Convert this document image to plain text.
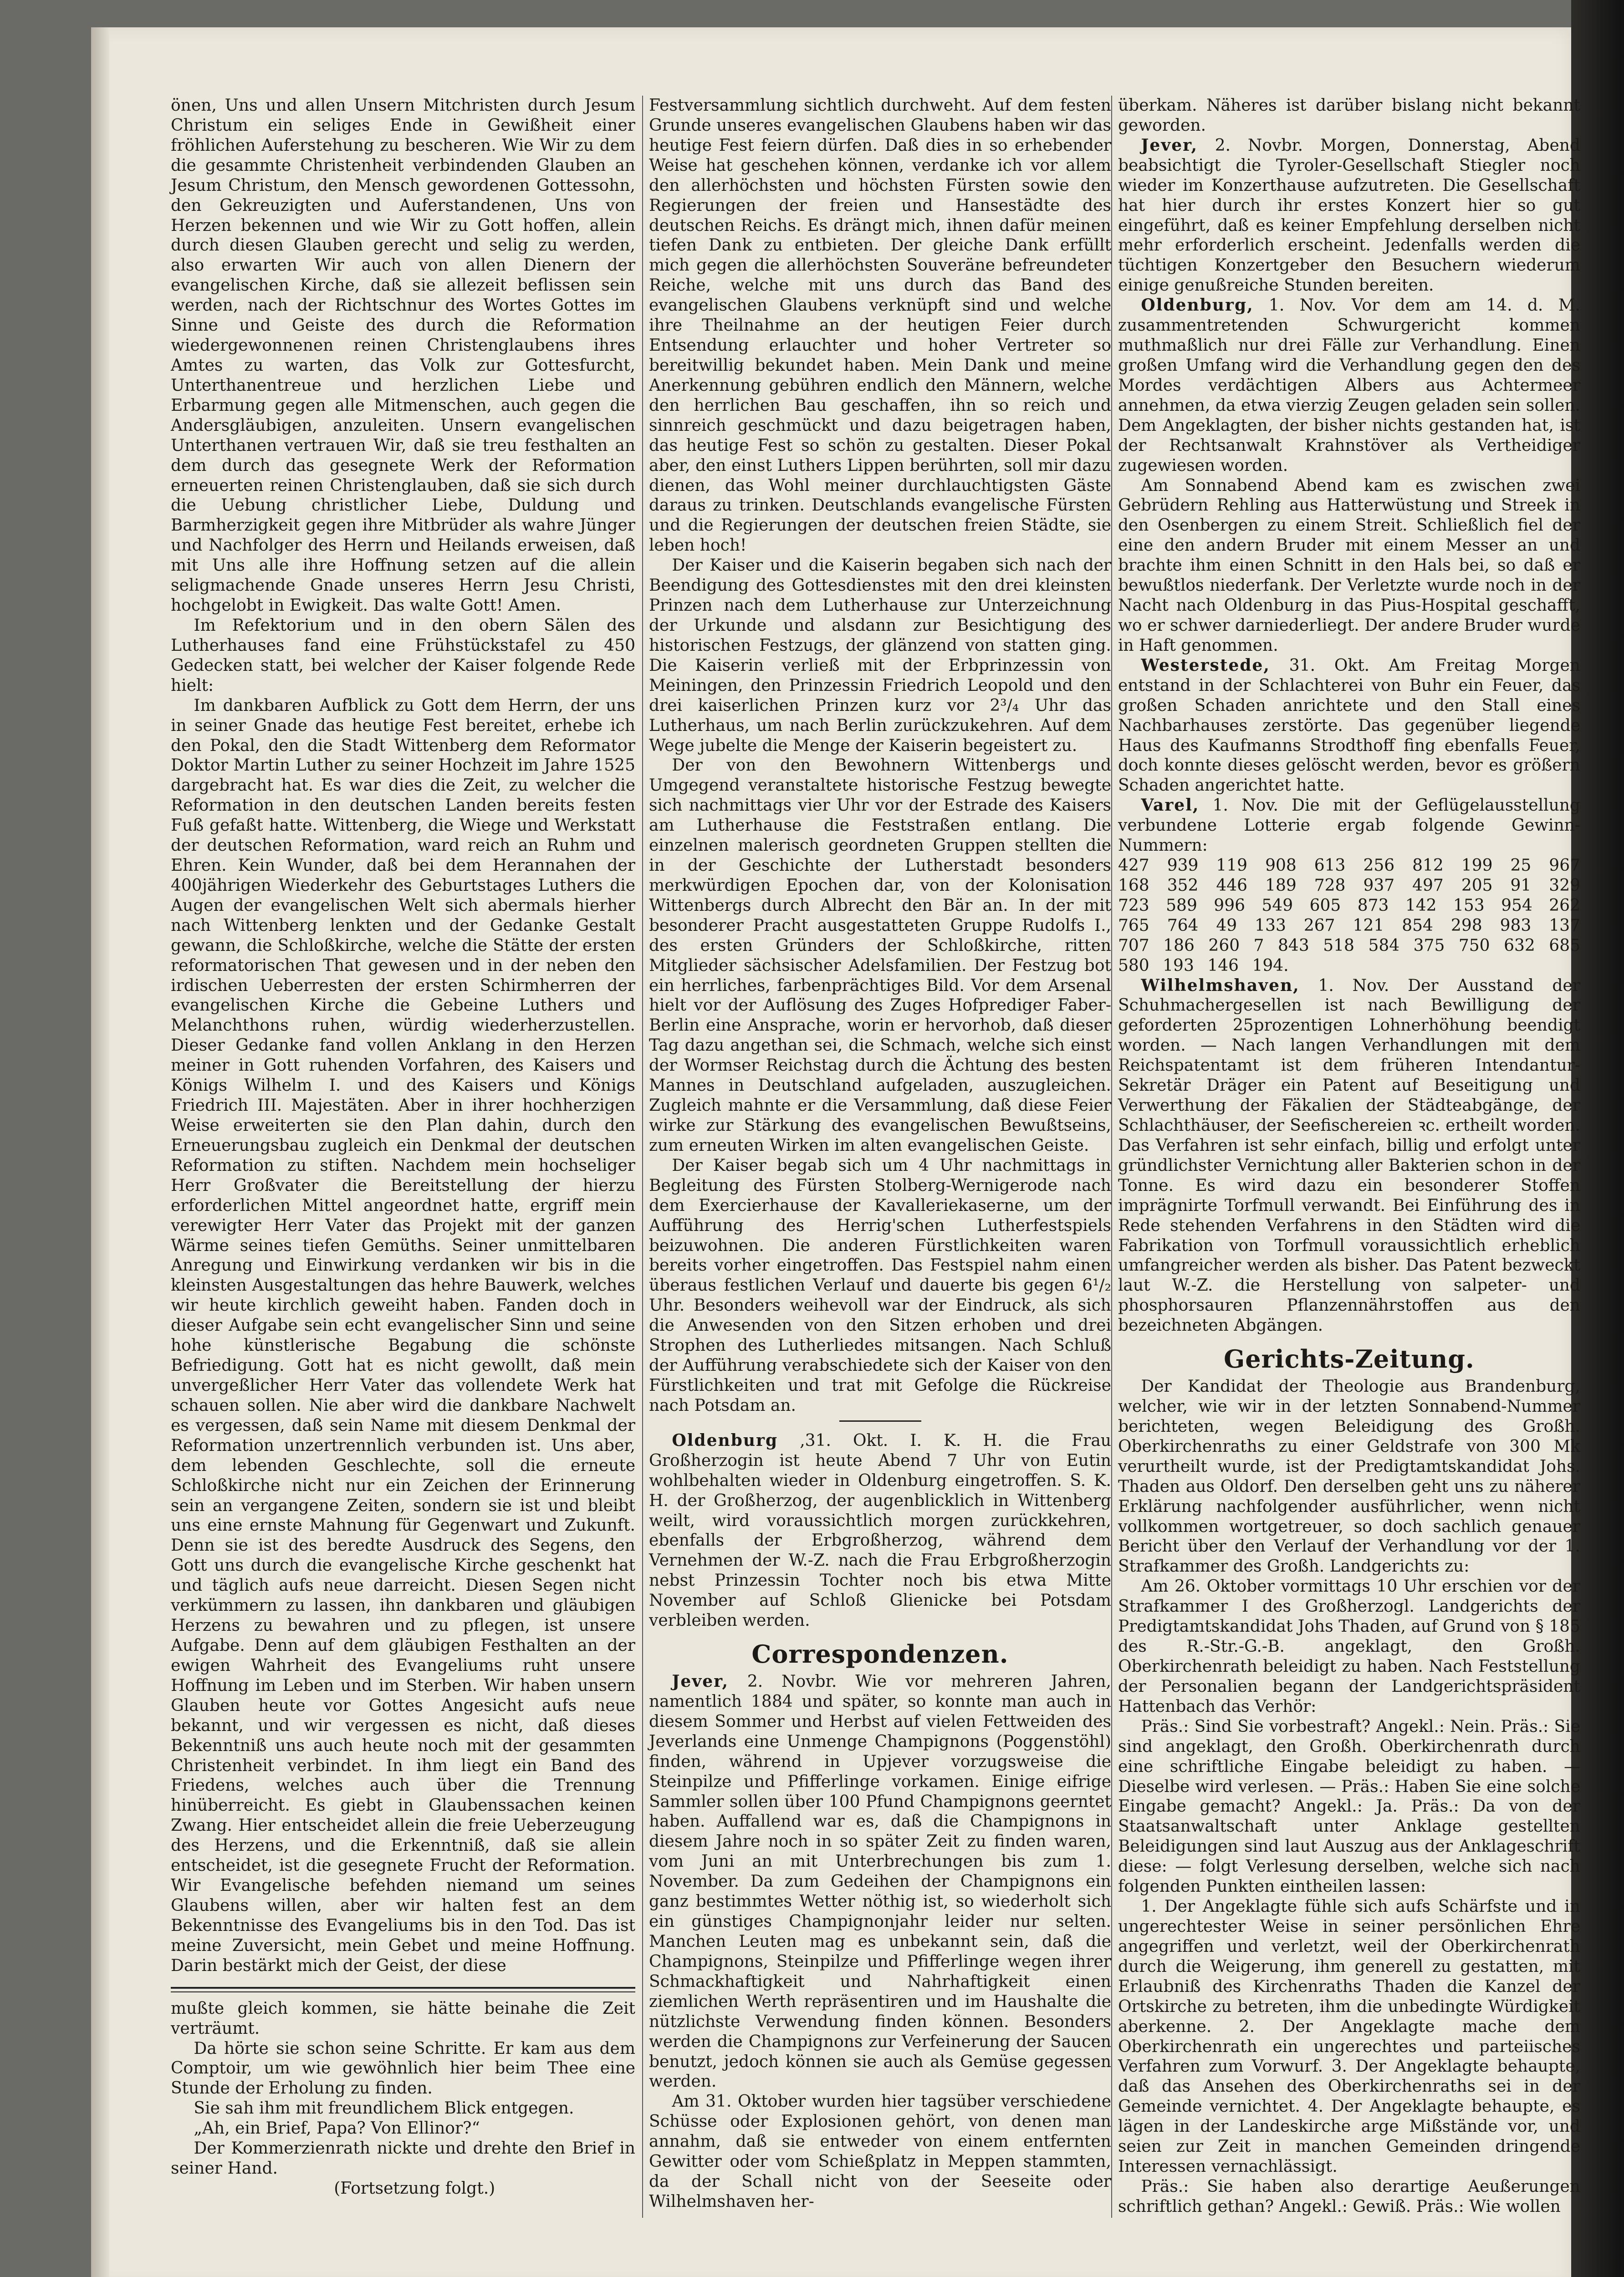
önen, Uns und allen Unsern Mitchristen durch Jesum Christum ein seliges Ende in Gewißheit einer fröhlichen Auferstehung zu bescheren. Wie Wir zu dem die gesammte Christenheit verbindenden Glauben an Jesum Christum, den Mensch gewordenen Gottessohn, den Gekreuzigten und Auferstandenen, Uns von Herzen bekennen und wie Wir zu Gott hoffen, allein durch diesen Glauben gerecht und selig zu werden, also erwarten Wir auch von allen Dienern der evangelischen Kirche, daß sie allezeit beflissen sein werden, nach der Richtschnur des Wortes Gottes im Sinne und Geiste des durch die Reformation wiedergewonnenen reinen Christenglaubens ihres Amtes zu warten, das Volk zur Gottesfurcht, Unterthanentreue und herzlichen Liebe und Erbarmung gegen alle Mitmenschen, auch gegen die Andersgläubigen, anzuleiten. Unsern evangelischen Unterthanen vertrauen Wir, daß sie treu festhalten an dem durch das gesegnete Werk der Reformation erneuerten reinen Christenglauben, daß sie sich durch die Uebung christlicher Liebe, Duldung und Barmherzigkeit gegen ihre Mitbrüder als wahre Jünger und Nachfolger des Herrn und Heilands erweisen, daß mit Uns alle ihre Hoffnung setzen auf die allein seligmachende Gnade unseres Herrn Jesu Christi, hochgelobt in Ewigkeit. Das walte Gott! Amen.

Im Refektorium und in den obern Sälen des Lutherhauses fand eine Frühstückstafel zu 450 Gedecken statt, bei welcher der Kaiser folgende Rede hielt:

Im dankbaren Aufblick zu Gott dem Herrn, der uns in seiner Gnade das heutige Fest bereitet, erhebe ich den Pokal, den die Stadt Wittenberg dem Reformator Doktor Martin Luther zu seiner Hochzeit im Jahre 1525 dargebracht hat. Es war dies die Zeit, zu welcher die Reformation in den deutschen Landen bereits festen Fuß gefaßt hatte. Wittenberg, die Wiege und Werkstatt der deutschen Reformation, ward reich an Ruhm und Ehren. Kein Wunder, daß bei dem Herannahen der 400jährigen Wiederkehr des Geburtstages Luthers die Augen der evangelischen Welt sich abermals hierher nach Wittenberg lenkten und der Gedanke Gestalt gewann, die Schloßkirche, welche die Stätte der ersten reformatorischen That gewesen und in der neben den irdischen Ueberresten der ersten Schirmherren der evangelischen Kirche die Gebeine Luthers und Melanchthons ruhen, würdig wiederherzustellen. Dieser Gedanke fand vollen Anklang in den Herzen meiner in Gott ruhenden Vorfahren, des Kaisers und Königs Wilhelm I. und des Kaisers und Königs Friedrich III. Majestäten. Aber in ihrer hochherzigen Weise erweiterten sie den Plan dahin, durch den Erneuerungsbau zugleich ein Denkmal der deutschen Reformation zu stiften. Nachdem mein hochseliger Herr Großvater die Bereitstellung der hierzu erforderlichen Mittel angeordnet hatte, ergriff mein verewigter Herr Vater das Projekt mit der ganzen Wärme seines tiefen Gemüths. Seiner unmittelbaren Anregung und Einwirkung verdanken wir bis in die kleinsten Ausgestaltungen das hehre Bauwerk, welches wir heute kirchlich geweiht haben. Fanden doch in dieser Aufgabe sein echt evangelischer Sinn und seine hohe künstlerische Begabung die schönste Befriedigung. Gott hat es nicht gewollt, daß mein unvergeßlicher Herr Vater das vollendete Werk hat schauen sollen. Nie aber wird die dankbare Nachwelt es vergessen, daß sein Name mit diesem Denkmal der Reformation unzertrennlich verbunden ist. Uns aber, dem lebenden Geschlechte, soll die erneute Schloßkirche nicht nur ein Zeichen der Erinnerung sein an vergangene Zeiten, sondern sie ist und bleibt uns eine ernste Mahnung für Gegenwart und Zukunft. Denn sie ist des beredte Ausdruck des Segens, den Gott uns durch die evangelische Kirche geschenkt hat und täglich aufs neue darreicht. Diesen Segen nicht verkümmern zu lassen, ihn dankbaren und gläubigen Herzens zu bewahren und zu pflegen, ist unsere Aufgabe. Denn auf dem gläubigen Festhalten an der ewigen Wahrheit des Evangeliums ruht unsere Hoffnung im Leben und im Sterben. Wir haben unsern Glauben heute vor Gottes Angesicht aufs neue bekannt, und wir vergessen es nicht, daß dieses Bekenntniß uns auch heute noch mit der gesammten Christenheit verbindet. In ihm liegt ein Band des Friedens, welches auch über die Trennung hinüberreicht. Es giebt in Glaubenssachen keinen Zwang. Hier entscheidet allein die freie Ueberzeugung des Herzens, und die Erkenntniß, daß sie allein entscheidet, ist die gesegnete Frucht der Reformation. Wir Evangelische befehden niemand um seines Glaubens willen, aber wir halten fest an dem Bekenntnisse des Evangeliums bis in den Tod. Das ist meine Zuversicht, mein Gebet und meine Hoffnung. Darin bestärkt mich der Geist, der diese

mußte gleich kommen, sie hätte beinahe die Zeit verträumt.

Da hörte sie schon seine Schritte. Er kam aus dem Comptoir, um wie gewöhnlich hier beim Thee eine Stunde der Erholung zu finden.

Sie sah ihm mit freundlichem Blick entgegen.

„Ah, ein Brief, Papa? Von Ellinor?“

Der Kommerzienrath nickte und drehte den Brief in seiner Hand.

(Fortsetzung folgt.)

Festversammlung sichtlich durchweht. Auf dem festen Grunde unseres evangelischen Glaubens haben wir das heutige Fest feiern dürfen. Daß dies in so erhebender Weise hat geschehen können, verdanke ich vor allem den allerhöchsten und höchsten Fürsten sowie den Regierungen der freien und Hansestädte des deutschen Reichs. Es drängt mich, ihnen dafür meinen tiefen Dank zu entbieten. Der gleiche Dank erfüllt mich gegen die allerhöchsten Souveräne befreundeter Reiche, welche mit uns durch das Band des evangelischen Glaubens verknüpft sind und welche ihre Theilnahme an der heutigen Feier durch Entsendung erlauchter und hoher Vertreter so bereitwillig bekundet haben. Mein Dank und meine Anerkennung gebühren endlich den Männern, welche den herrlichen Bau geschaffen, ihn so reich und sinnreich geschmückt und dazu beigetragen haben, das heutige Fest so schön zu gestalten. Dieser Pokal aber, den einst Luthers Lippen berührten, soll mir dazu dienen, das Wohl meiner durchlauchtigsten Gäste daraus zu trinken. Deutschlands evangelische Fürsten und die Regierungen der deutschen freien Städte, sie leben hoch!

Der Kaiser und die Kaiserin begaben sich nach der Beendigung des Gottesdienstes mit den drei kleinsten Prinzen nach dem Lutherhause zur Unterzeichnung der Urkunde und alsdann zur Besichtigung des historischen Festzugs, der glänzend von statten ging. Die Kaiserin verließ mit der Erbprinzessin von Meiningen, den Prinzessin Friedrich Leopold und den drei kaiserlichen Prinzen kurz vor 2³/₄ Uhr das Lutherhaus, um nach Berlin zurückzukehren. Auf dem Wege jubelte die Menge der Kaiserin begeistert zu.

Der von den Bewohnern Wittenbergs und Umgegend veranstaltete historische Festzug bewegte sich nachmittags vier Uhr vor der Estrade des Kaisers am Lutherhause die Feststraßen entlang. Die einzelnen malerisch geordneten Gruppen stellten die in der Geschichte der Lutherstadt besonders merkwürdigen Epochen dar, von der Kolonisation Wittenbergs durch Albrecht den Bär an. In der mit besonderer Pracht ausgestatteten Gruppe Rudolfs I., des ersten Gründers der Schloßkirche, ritten Mitglieder sächsischer Adelsfamilien. Der Festzug bot ein herrliches, farbenprächtiges Bild. Vor dem Arsenal hielt vor der Auflösung des Zuges Hofprediger Faber-Berlin eine Ansprache, worin er hervorhob, daß dieser Tag dazu angethan sei, die Schmach, welche sich einst der Wormser Reichstag durch die Ächtung des besten Mannes in Deutschland aufgeladen, auszugleichen. Zugleich mahnte er die Versammlung, daß diese Feier wirke zur Stärkung des evangelischen Bewußtseins, zum erneuten Wirken im alten evangelischen Geiste.

Der Kaiser begab sich um 4 Uhr nachmittags in Begleitung des Fürsten Stolberg-Wernigerode nach dem Exercierhause der Kavalleriekaserne, um der Aufführung des Herrig'schen Lutherfestspiels beizuwohnen. Die anderen Fürstlichkeiten waren bereits vorher eingetroffen. Das Festspiel nahm einen überaus festlichen Verlauf und dauerte bis gegen 6¹/₂ Uhr. Besonders weihevoll war der Eindruck, als sich die Anwesenden von den Sitzen erhoben und drei Strophen des Lutherliedes mitsangen. Nach Schluß der Aufführung verabschiedete sich der Kaiser von den Fürstlichkeiten und trat mit Gefolge die Rückreise nach Potsdam an.

Oldenburg ,31. Okt. I. K. H. die Frau Großherzogin ist heute Abend 7 Uhr von Eutin wohlbehalten wieder in Oldenburg eingetroffen. S. K. H. der Großherzog, der augenblicklich in Wittenberg weilt, wird voraussichtlich morgen zurückkehren, ebenfalls der Erbgroßherzog, während dem Vernehmen der W.-Z. nach die Frau Erbgroßherzogin nebst Prinzessin Tochter noch bis etwa Mitte November auf Schloß Glienicke bei Potsdam verbleiben werden.

Correspondenzen.

Jever, 2. Novbr. Wie vor mehreren Jahren, namentlich 1884 und später, so konnte man auch in diesem Sommer und Herbst auf vielen Fettweiden des Jeverlands eine Unmenge Champignons (Poggenstöhl) finden, während in Upjever vorzugsweise die Steinpilze und Pfifferlinge vorkamen. Einige eifrige Sammler sollen über 100 Pfund Champignons geerntet haben. Auffallend war es, daß die Champignons in diesem Jahre noch in so später Zeit zu finden waren, vom Juni an mit Unterbrechungen bis zum 1. November. Da zum Gedeihen der Champignons ein ganz bestimmtes Wetter nöthig ist, so wiederholt sich ein günstiges Champignonjahr leider nur selten. Manchen Leuten mag es unbekannt sein, daß die Champignons, Steinpilze und Pfifferlinge wegen ihrer Schmackhaftigkeit und Nahrhaftigkeit einen ziemlichen Werth repräsentiren und im Haushalte die nützlichste Verwendung finden können. Besonders werden die Champignons zur Verfeinerung der Saucen benutzt, jedoch können sie auch als Gemüse gegessen werden.

Am 31. Oktober wurden hier tagsüber verschiedene Schüsse oder Explosionen gehört, von denen man annahm, daß sie entweder von einem entfernten Gewitter oder vom Schießplatz in Meppen stammten, da der Schall nicht von der Seeseite oder Wilhelmshaven her-

überkam. Näheres ist darüber bislang nicht bekannt geworden.

Jever, 2. Novbr. Morgen, Donnerstag, Abend beabsichtigt die Tyroler-Gesellschaft Stiegler noch wieder im Konzerthause aufzutreten. Die Gesellschaft hat hier durch ihr erstes Konzert hier so gut eingeführt, daß es keiner Empfehlung derselben nicht mehr erforderlich erscheint. Jedenfalls werden die tüchtigen Konzertgeber den Besuchern wiederum einige genußreiche Stunden bereiten.

Oldenburg, 1. Nov. Vor dem am 14. d. M. zusammentretenden Schwurgericht kommen muthmaßlich nur drei Fälle zur Verhandlung. Einen großen Umfang wird die Verhandlung gegen den des Mordes verdächtigen Albers aus Achtermeer annehmen, da etwa vierzig Zeugen geladen sein sollen. Dem Angeklagten, der bisher nichts gestanden hat, ist der Rechtsanwalt Krahnstöver als Vertheidiger zugewiesen worden.

Am Sonnabend Abend kam es zwischen zwei Gebrüdern Rehling aus Hatterwüstung und Streek in den Osenbergen zu einem Streit. Schließlich fiel der eine den andern Bruder mit einem Messer an und brachte ihm einen Schnitt in den Hals bei, so daß er bewußtlos niederfank. Der Verletzte wurde noch in der Nacht nach Oldenburg in das Pius-Hospital geschafft, wo er schwer darniederliegt. Der andere Bruder wurde in Haft genommen.

Westerstede, 31. Okt. Am Freitag Morgen entstand in der Schlachterei von Buhr ein Feuer, das großen Schaden anrichtete und den Stall eines Nachbarhauses zerstörte. Das gegenüber liegende Haus des Kaufmanns Strodthoff fing ebenfalls Feuer, doch konnte dieses gelöscht werden, bevor es größern Schaden angerichtet hatte.

Varel, 1. Nov. Die mit der Geflügelausstellung verbundene Lotterie ergab folgende Gewinn-Nummern:

427 939 119 908 613 256 812 199 25 967 168 352 446 189 728 937 497 205 91 329 723 589 996 549 605 873 142 153 954 262 765 764 49 133 267 121 854 298 983 137 707 186 260 7 843 518 584 375 750 632 685 580 193 146 194.

Wilhelmshaven, 1. Nov. Der Ausstand der Schuhmachergesellen ist nach Bewilligung der geforderten 25prozentigen Lohnerhöhung beendigt worden. — Nach langen Verhandlungen mit dem Reichspatentamt ist dem früheren Intendantur-Sekretär Dräger ein Patent auf Beseitigung und Verwerthung der Fäkalien der Städteabgänge, der Schlachthäuser, der Seefischereien ꝛc. ertheilt worden. Das Verfahren ist sehr einfach, billig und erfolgt unter gründlichster Vernichtung aller Bakterien schon in der Tonne. Es wird dazu ein besonderer Stoffen imprägnirte Torfmull verwandt. Bei Einführung des in Rede stehenden Verfahrens in den Städten wird die Fabrikation von Torfmull voraussichtlich erheblich umfangreicher werden als bisher. Das Patent bezweckt laut W.-Z. die Herstellung von salpeter- und phosphorsauren Pflanzennährstoffen aus den bezeichneten Abgängen.

Gerichts-Zeitung.

Der Kandidat der Theologie aus Brandenburg, welcher, wie wir in der letzten Sonnabend-Nummer berichteten, wegen Beleidigung des Großh. Oberkirchenraths zu einer Geldstrafe von 300 Mk verurtheilt wurde, ist der Predigtamtskandidat Johs. Thaden aus Oldorf. Den derselben geht uns zu näherer Erklärung nachfolgender ausführlicher, wenn nicht vollkommen wortgetreuer, so doch sachlich genauer Bericht über den Verlauf der Verhandlung vor der 1. Strafkammer des Großh. Landgerichts zu:

Am 26. Oktober vormittags 10 Uhr erschien vor der Strafkammer I des Großherzogl. Landgerichts der Predigtamtskandidat Johs Thaden, auf Grund von § 185 des R.-Str.-G.-B. angeklagt, den Großh. Oberkirchenrath beleidigt zu haben. Nach Feststellung der Personalien begann der Landgerichtspräsident Hattenbach das Verhör:

Präs.: Sind Sie vorbestraft? Angekl.: Nein. Präs.: Sie sind angeklagt, den Großh. Oberkirchenrath durch eine schriftliche Eingabe beleidigt zu haben. — Dieselbe wird verlesen. — Präs.: Haben Sie eine solche Eingabe gemacht? Angekl.: Ja. Präs.: Da von der Staatsanwaltschaft unter Anklage gestellten Beleidigungen sind laut Auszug aus der Anklageschrift diese: — folgt Verlesung derselben, welche sich nach folgenden Punkten eintheilen lassen:

1. Der Angeklagte fühle sich aufs Schärfste und in ungerechtester Weise in seiner persönlichen Ehre angegriffen und verletzt, weil der Oberkirchenrath durch die Weigerung, ihm generell zu gestatten, mit Erlaubniß des Kirchenraths Thaden die Kanzel der Ortskirche zu betreten, ihm die unbedingte Würdigkeit aberkenne. 2. Der Angeklagte mache dem Oberkirchenrath ein ungerechtes und parteiisches Verfahren zum Vorwurf. 3. Der Angeklagte behaupte, daß das Ansehen des Oberkirchenraths sei in der Gemeinde vernichtet. 4. Der Angeklagte behaupte, es lägen in der Landeskirche arge Mißstände vor, und seien zur Zeit in manchen Gemeinden dringende Interessen vernachlässigt.

Präs.: Sie haben also derartige Aeußerungen schriftlich gethan? Angekl.: Gewiß. Präs.: Wie wollen
